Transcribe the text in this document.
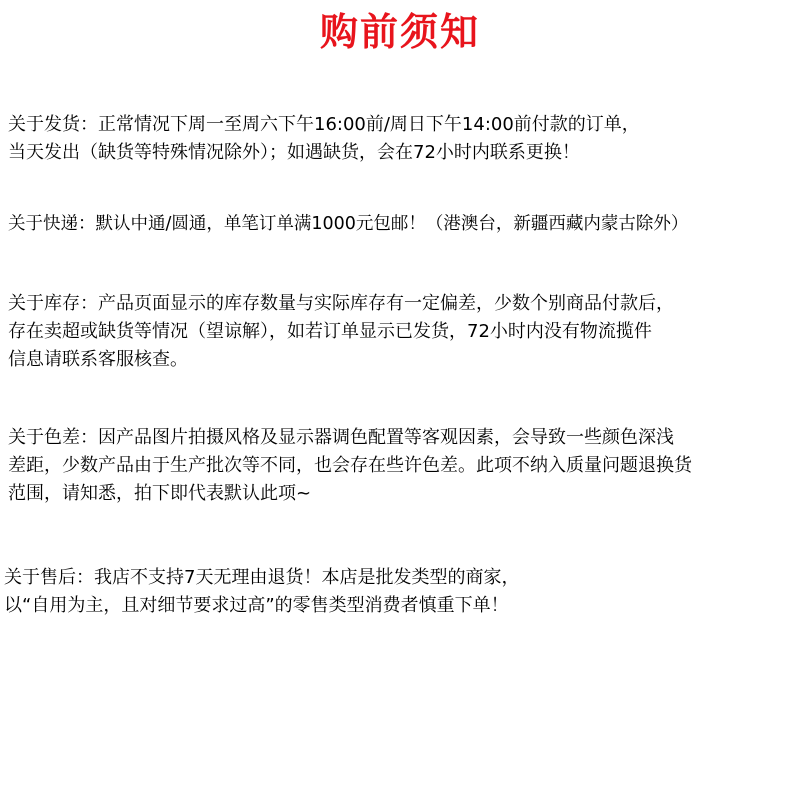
购前须知
关于发货：正常情况下周一至周六下午16:00前/周日下午14:00前付款的订单，
当天发出（缺货等特殊情况除外）；如遇缺货，会在72小时内联系更换！
关于快递：默认中通/圆通，单笔订单满1000元包邮！（港澳台，新疆西藏内蒙古除外）
关于库存：产品页面显示的库存数量与实际库存有一定偏差，少数个别商品付款后，
存在卖超或缺货等情况（望谅解），如若订单显示已发货，72小时内没有物流揽件
信息请联系客服核查。
关于色差：因产品图片拍摄风格及显示器调色配置等客观因素，会导致一些颜色深浅
差距，少数产品由于生产批次等不同，也会存在些许色差。此项不纳入质量问题退换货
范围，请知悉，拍下即代表默认此项~
关于售后：我店不支持7天无理由退货！本店是批发类型的商家，
以“自用为主，且对细节要求过高”的零售类型消费者慎重下单！
